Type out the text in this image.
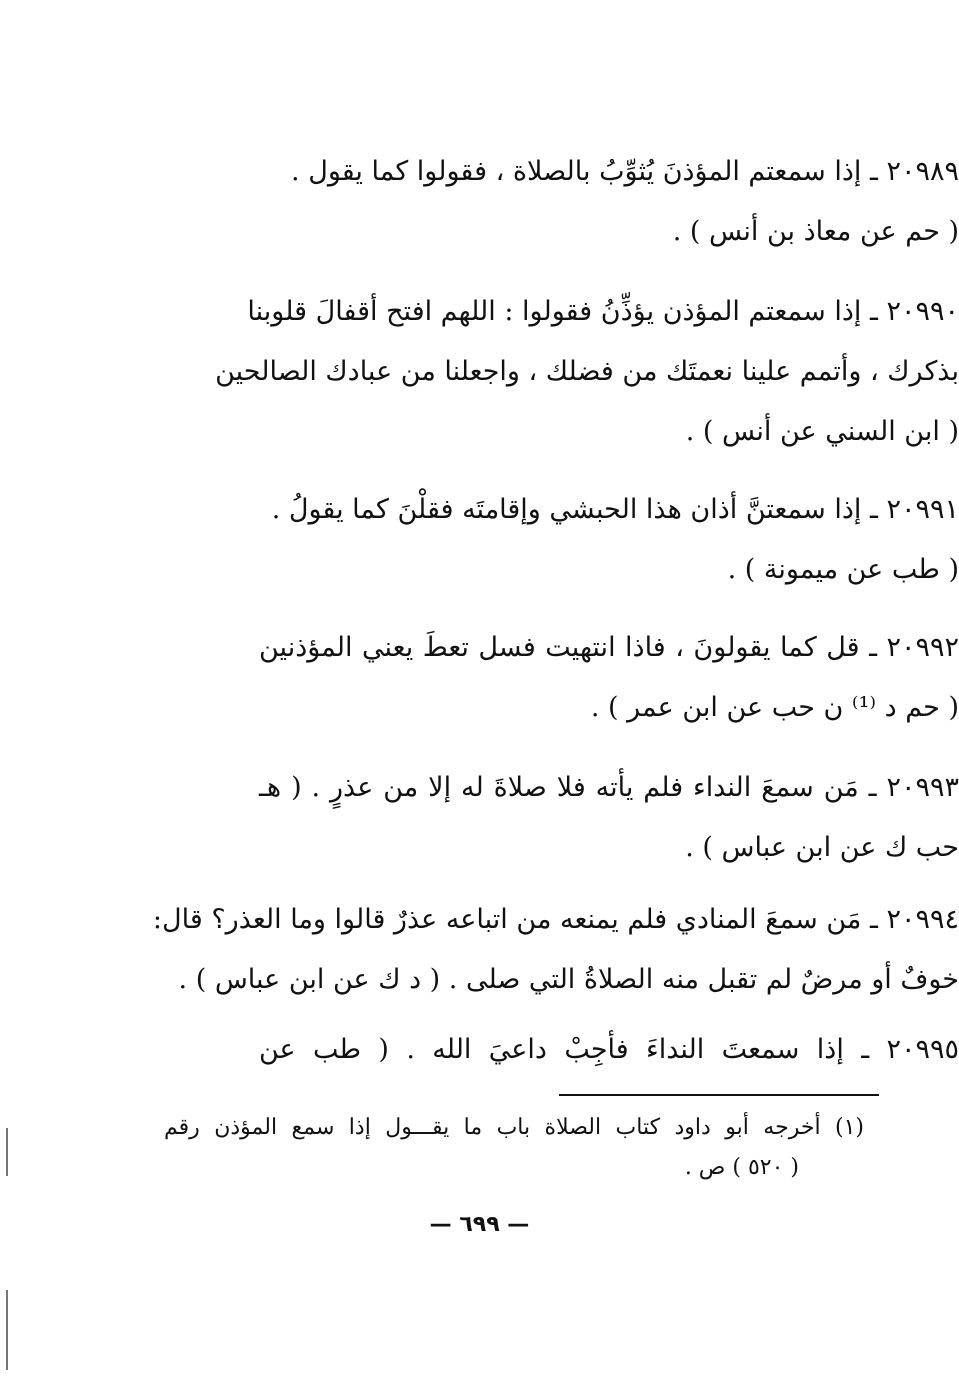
٢٠٩٨٩ ـ إذا سمعتم المؤذنَ يُثوِّبُ بالصلاة ، فقولوا كما يقول .
( حم عن معاذ بن أنس ) .
٢٠٩٩٠ ـ إذا سمعتم المؤذن يؤذِّنُ فقولوا : اللهم افتح أقفالَ قلوبنا
بذكرك ، وأتمم علينا نعمتَك من فضلك ، واجعلنا من عبادك الصالحين
( ابن السني عن أنس ) .
٢٠٩٩١ ـ إذا سمعتنَّ أذان هذا الحبشي وإقامتَه فقلْنَ كما يقولُ .
( طب عن ميمونة ) .
٢٠٩٩٢ ـ قل كما يقولونَ ، فاذا انتهيت فسل تعطَ يعني المؤذنين
( حم د ⁽¹⁾ ن حب عن ابن عمر ) .
٢٠٩٩٣ ـ مَن سمعَ النداء فلم يأته فلا صلاةَ له إلا من عذرٍ . ( هـ
حب ك عن ابن عباس ) .
٢٠٩٩٤ ـ مَن سمعَ المنادي فلم يمنعه من اتباعه عذرٌ قالوا وما العذر؟ قال:
خوفٌ أو مرضٌ لم تقبل منه الصلاةُ التي صلى . ( د ك عن ابن عباس ) .
٢٠٩٩٥ ـ إذا سمعتَ النداءَ فأجِبْ داعيَ الله . ( طب عن
(١) أخرجه أبو داود كتاب الصلاة باب ما يقـــول إذا سمع المؤذن رقم
( ٥٢٠ ) ص .
— ٦٩٩ —
